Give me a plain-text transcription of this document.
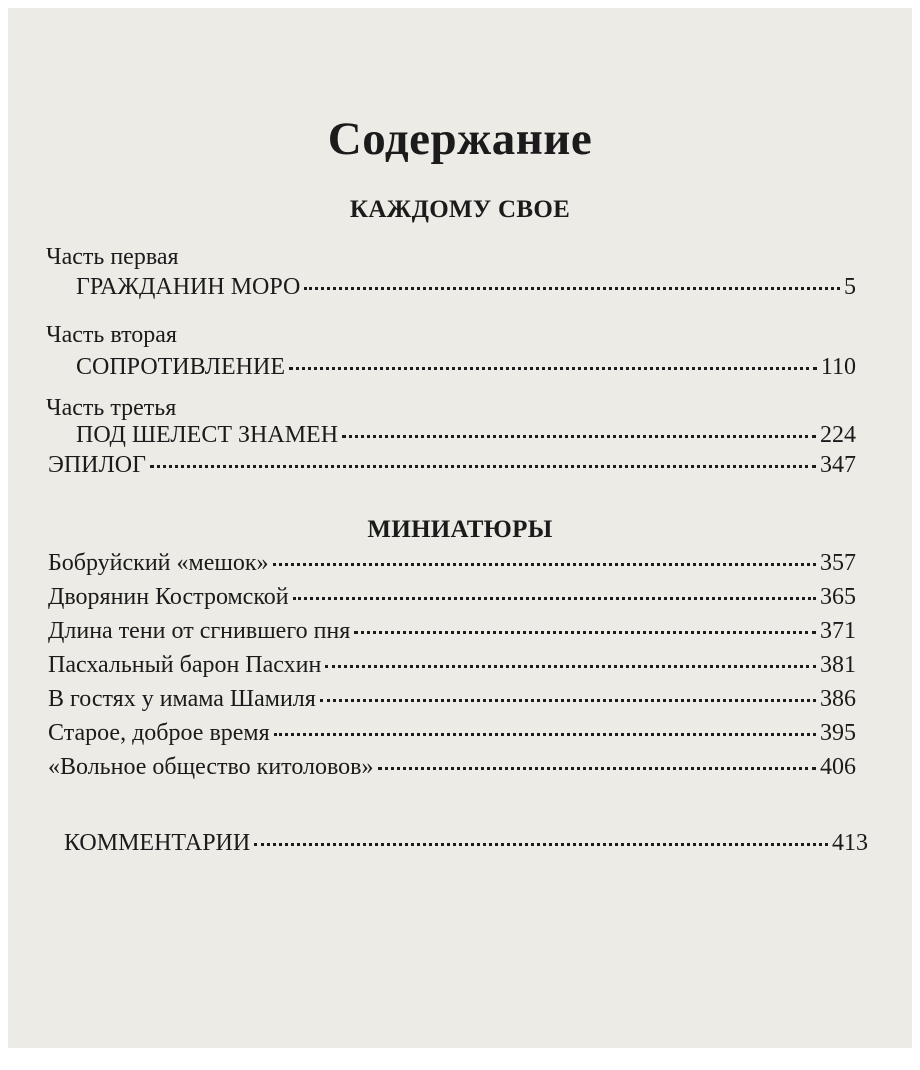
Содержание
КАЖДОМУ СВОЕ
Часть первая
ГРАЖДАНИН МОРО	5
Часть вторая
СОПРОТИВЛЕНИЕ	110
Часть третья
ПОД ШЕЛЕСТ ЗНАМЕН	224
ЭПИЛОГ	347
МИНИАТЮРЫ
Бобруйский «мешок»	357
Дворянин Костромской	365
Длина тени от сгнившего пня	371
Пасхальный барон Пасхин	381
В гостях у имама Шамиля	386
Старое, доброе время	395
«Вольное общество китоловов»	406
КОММЕНТАРИИ	413
